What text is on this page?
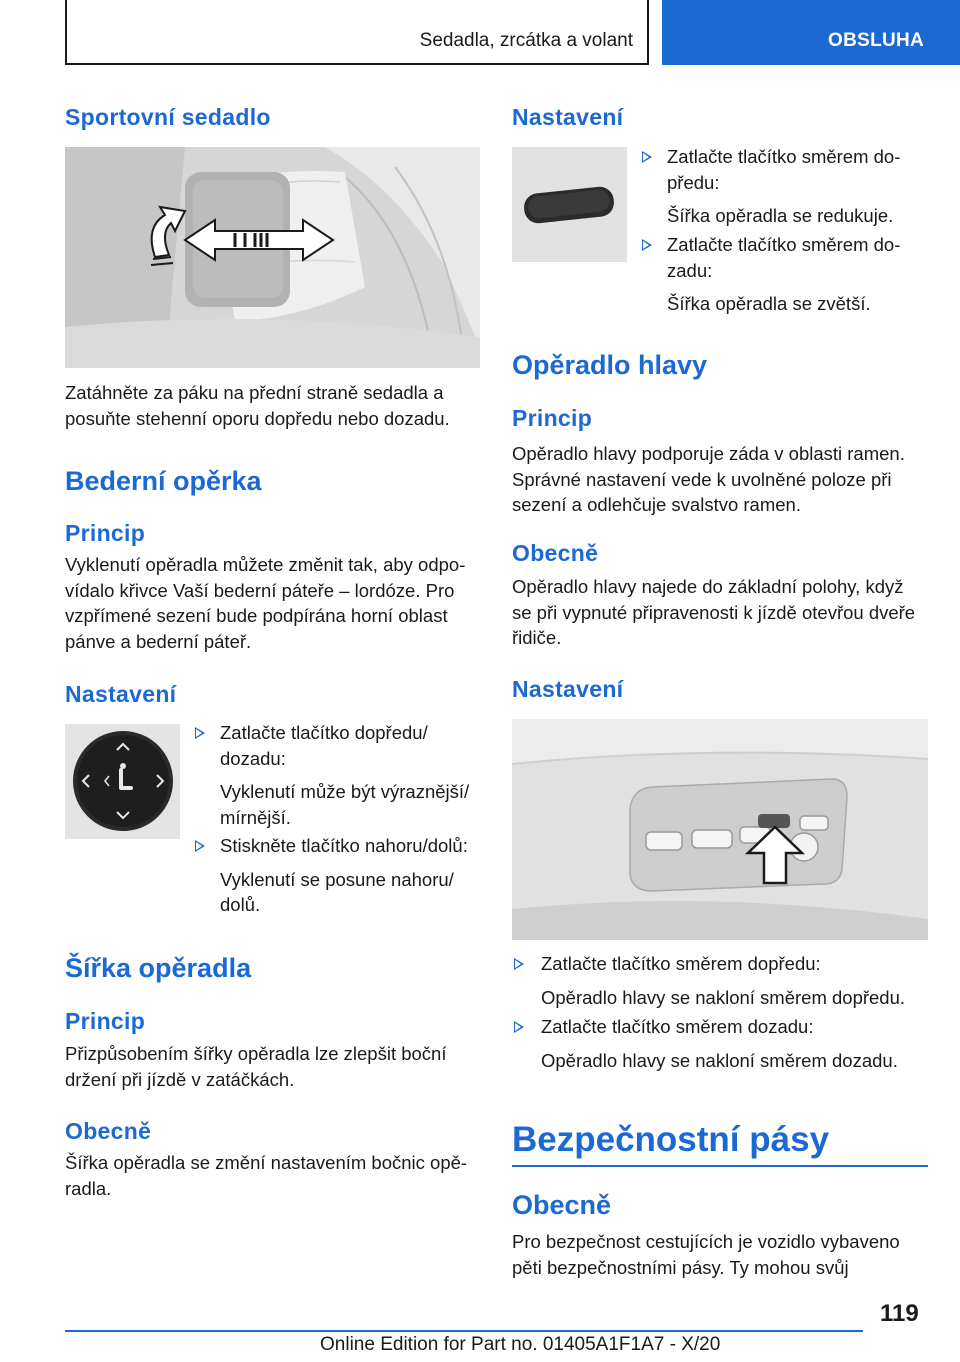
Sedadla, zrcátka a volant	OBSLUHA
Sportovní sedadlo
Zatáhněte za páku na přední straně sedadla a
posuňte stehenní oporu dopředu nebo dozadu.
Bederní opěrka
Princip
Vyklenutí opěradla můžete změnit tak, aby odpo‐
vídalo křivce Vaší bederní páteře – lordóze. Pro
vzpřímené sezení bude podpírána horní oblast
pánve a bederní páteř.
Nastavení
Zatlačte tlačítko dopředu/
dozadu:
Vyklenutí může být výraznější/
mírnější.
Stiskněte tlačítko nahoru/dolů:
Vyklenutí se posune nahoru/
dolů.
Šířka opěradla
Princip
Přizpůsobením šířky opěradla lze zlepšit boční
držení při jízdě v zatáčkách.
Obecně
Šířka opěradla se změní nastavením bočnic opě‐
radla.
Nastavení
Zatlačte tlačítko směrem do‐
předu:
Šířka opěradla se redukuje.
Zatlačte tlačítko směrem do‐
zadu:
Šířka opěradla se zvětší.
Opěradlo hlavy
Princip
Opěradlo hlavy podporuje záda v oblasti ramen.
Správné nastavení vede k uvolněné poloze při
sezení a odlehčuje svalstvo ramen.
Obecně
Opěradlo hlavy najede do základní polohy, když
se při vypnuté připravenosti k jízdě otevřou dveře
řidiče.
Nastavení
Zatlačte tlačítko směrem dopředu:
Opěradlo hlavy se nakloní směrem dopředu.
Zatlačte tlačítko směrem dozadu:
Opěradlo hlavy se nakloní směrem dozadu.
Bezpečnostní pásy
Obecně
Pro bezpečnost cestujících je vozidlo vybaveno
pěti bezpečnostními pásy. Ty mohou svůj
119
Online Edition for Part no. 01405A1F1A7 - X/20
